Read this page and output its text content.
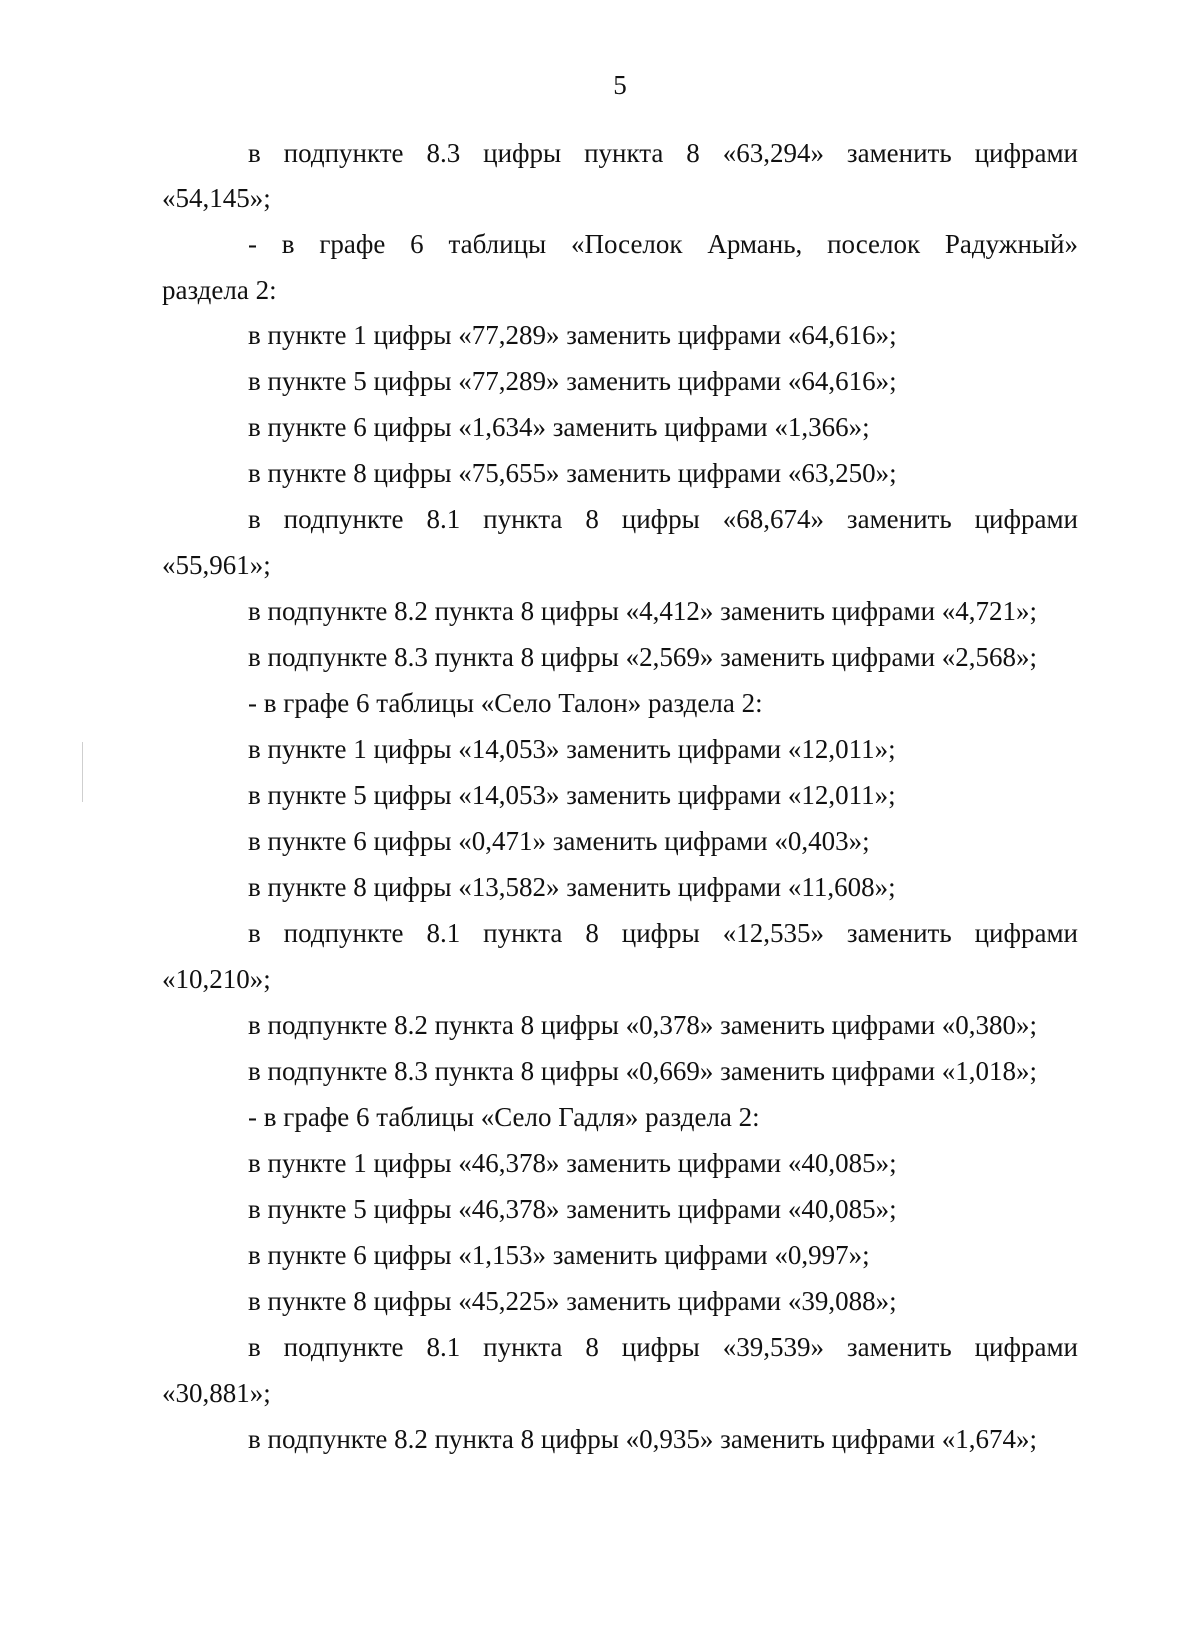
5
в подпункте 8.3 цифры пункта 8 «63,294» заменить цифрами
«54,145»;
- в графе 6 таблицы «Поселок Армань, поселок Радужный»
раздела 2:
в пункте 1 цифры «77,289» заменить цифрами «64,616»;
в пункте 5 цифры «77,289» заменить цифрами «64,616»;
в пункте 6 цифры «1,634» заменить цифрами «1,366»;
в пункте 8 цифры «75,655» заменить цифрами «63,250»;
в подпункте 8.1 пункта 8 цифры «68,674» заменить цифрами
«55,961»;
в подпункте 8.2 пункта 8 цифры «4,412» заменить цифрами «4,721»;
в подпункте 8.3 пункта 8 цифры «2,569» заменить цифрами «2,568»;
- в графе 6 таблицы «Село Талон» раздела 2:
в пункте 1 цифры «14,053» заменить цифрами «12,011»;
в пункте 5 цифры «14,053» заменить цифрами «12,011»;
в пункте 6 цифры «0,471» заменить цифрами «0,403»;
в пункте 8 цифры «13,582» заменить цифрами «11,608»;
в подпункте 8.1 пункта 8 цифры «12,535» заменить цифрами
«10,210»;
в подпункте 8.2 пункта 8 цифры «0,378» заменить цифрами «0,380»;
в подпункте 8.3 пункта 8 цифры «0,669» заменить цифрами «1,018»;
- в графе 6 таблицы «Село Гадля» раздела 2:
в пункте 1 цифры «46,378» заменить цифрами «40,085»;
в пункте 5 цифры «46,378» заменить цифрами «40,085»;
в пункте 6 цифры «1,153» заменить цифрами «0,997»;
в пункте 8 цифры «45,225» заменить цифрами «39,088»;
в подпункте 8.1 пункта 8 цифры «39,539» заменить цифрами
«30,881»;
в подпункте 8.2 пункта 8 цифры «0,935» заменить цифрами «1,674»;
